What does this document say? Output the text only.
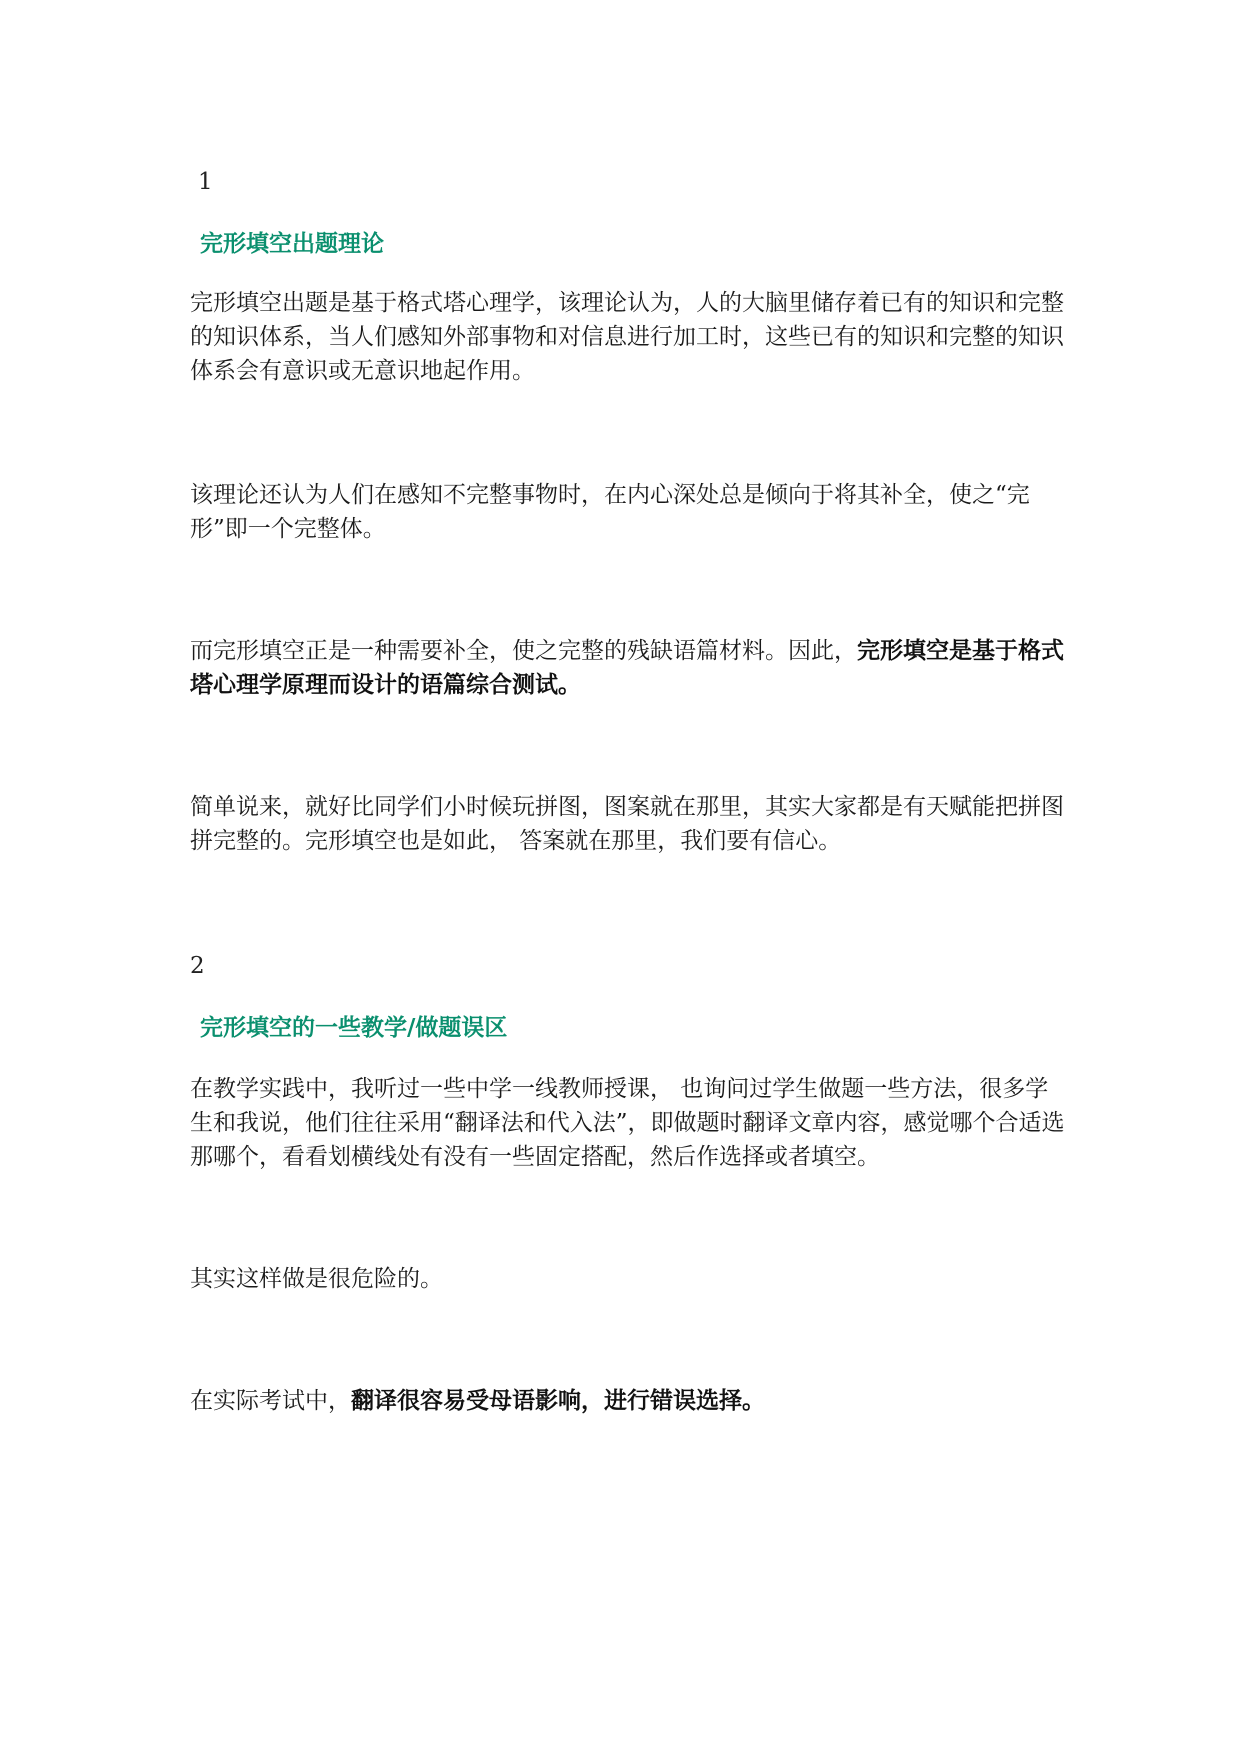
1
完形填空出题理论

完形填空出题是基于格式塔心理学，该理论认为，人的大脑里储存着已有的知识和完整的知识体系，当人们感知外部事物和对信息进行加工时，这些已有的知识和完整的知识体系会有意识或无意识地起作用。

该理论还认为人们在感知不完整事物时，在内心深处总是倾向于将其补全，使之“完形”即一个完整体。

而完形填空正是一种需要补全，使之完整的残缺语篇材料。因此，完形填空是基于格式塔心理学原理而设计的语篇综合测试。

简单说来，就好比同学们小时候玩拼图，图案就在那里，其实大家都是有天赋能把拼图拼完整的。完形填空也是如此， 答案就在那里，我们要有信心。

2
完形填空的一些教学/做题误区

在教学实践中，我听过一些中学一线教师授课， 也询问过学生做题一些方法，很多学生和我说，他们往往采用“翻译法和代入法”，即做题时翻译文章内容，感觉哪个合适选那哪个，看看划横线处有没有一些固定搭配，然后作选择或者填空。

其实这样做是很危险的。

在实际考试中，翻译很容易受母语影响，进行错误选择。
